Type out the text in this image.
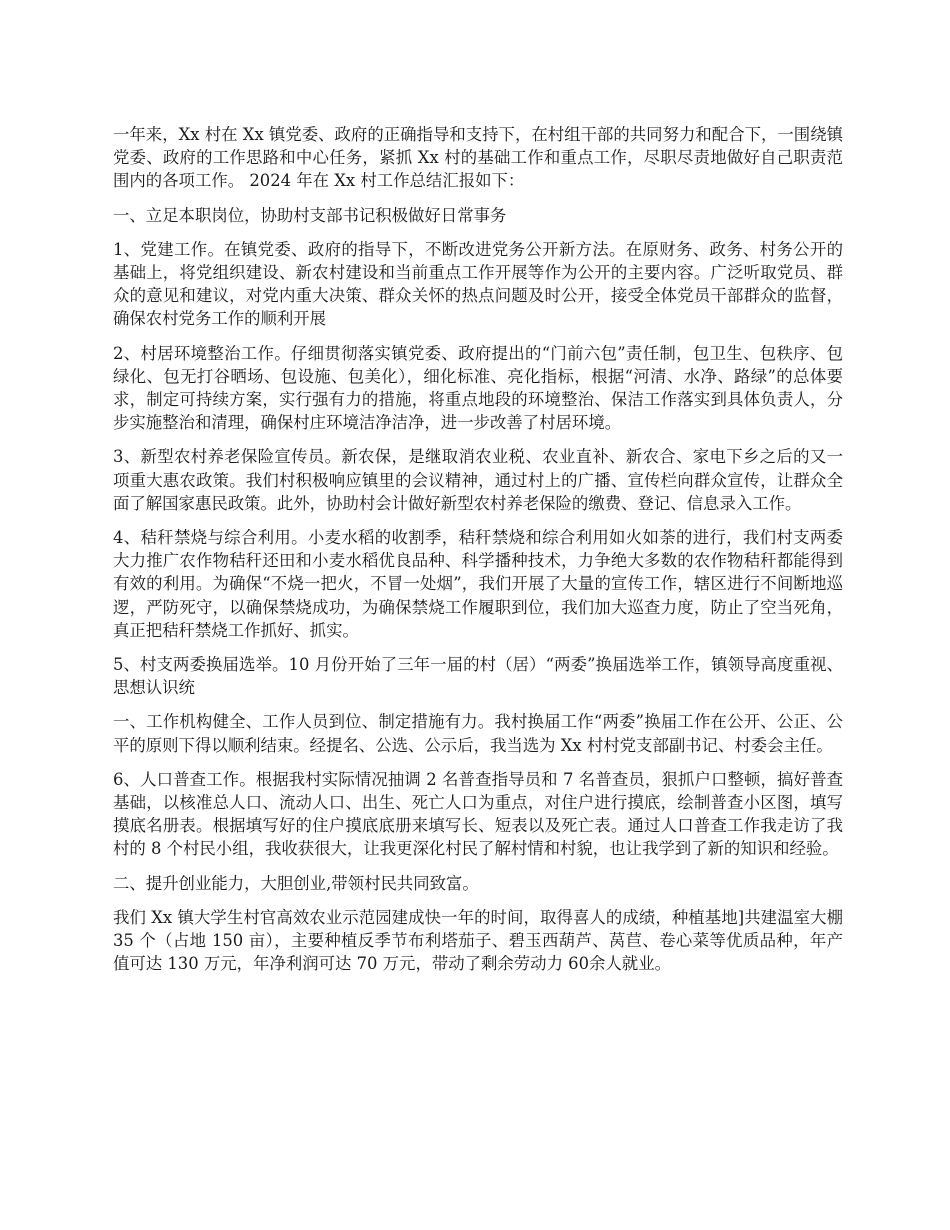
一年来，Xx 村在 Xx 镇党委、政府的正确指导和支持下，在村组干部的共同努力和配合下，一围绕镇党委、政府的工作思路和中心任务，紧抓 Xx 村的基础工作和重点工作，尽职尽责地做好自己职责范围内的各项工作。 2024 年在 Xx 村工作总结汇报如下：

一、立足本职岗位，协助村支部书记积极做好日常事务

1、党建工作。在镇党委、政府的指导下，不断改进党务公开新方法。在原财务、政务、村务公开的基础上，将党组织建设、新农村建设和当前重点工作开展等作为公开的主要内容。广泛听取党员、群众的意见和建议，对党内重大决策、群众关怀的热点问题及时公开，接受全体党员干部群众的监督，确保农村党务工作的顺利开展

2、村居环境整治工作。仔细贯彻落实镇党委、政府提出的“门前六包”责任制，包卫生、包秩序、包绿化、包无打谷晒场、包设施、包美化），细化标准、亮化指标，根据“河清、水净、路绿”的总体要求，制定可持续方案，实行强有力的措施，将重点地段的环境整治、保洁工作落实到具体负责人，分步实施整治和清理，确保村庄环境洁净洁净，进一步改善了村居环境。

3、新型农村养老保险宣传员。新农保，是继取消农业税、农业直补、新农合、家电下乡之后的又一项重大惠农政策。我们村积极响应镇里的会议精神，通过村上的广播、宣传栏向群众宣传，让群众全面了解国家惠民政策。此外，协助村会计做好新型农村养老保险的缴费、登记、信息录入工作。

4、秸秆禁烧与综合利用。小麦水稻的收割季，秸秆禁烧和综合利用如火如荼的进行，我们村支两委大力推广农作物秸秆还田和小麦水稻优良品种、科学播种技术，力争绝大多数的农作物秸秆都能得到有效的利用。为确保“不烧一把火，不冒一处烟”，我们开展了大量的宣传工作，辖区进行不间断地巡逻，严防死守，以确保禁烧成功，为确保禁烧工作履职到位，我们加大巡查力度，防止了空当死角，真正把秸秆禁烧工作抓好、抓实。

5、村支两委换届选举。10 月份开始了三年一届的村（居）“两委”换届选举工作，镇领导高度重视、思想认识统

一、工作机构健全、工作人员到位、制定措施有力。我村换届工作“两委”换届工作在公开、公正、公平的原则下得以顺利结束。经提名、公选、公示后，我当选为 Xx 村村党支部副书记、村委会主任。

6、人口普查工作。根据我村实际情况抽调 2 名普查指导员和 7 名普查员，狠抓户口整顿，搞好普查基础，以核准总人口、流动人口、出生、死亡人口为重点，对住户进行摸底，绘制普查小区图，填写摸底名册表。根据填写好的住户摸底底册来填写长、短表以及死亡表。通过人口普查工作我走访了我村的 8 个村民小组，我收获很大，让我更深化村民了解村情和村貌，也让我学到了新的知识和经验。

二、提升创业能力，大胆创业,带领村民共同致富。

我们 Xx 镇大学生村官高效农业示范园建成快一年的时间，取得喜人的成绩，种植基地]共建温室大棚 35 个（占地 150 亩），主要种植反季节布利塔茄子、碧玉西葫芦、莴苣、卷心菜等优质品种，年产值可达 130 万元，年净利润可达 70 万元，带动了剩余劳动力 60余人就业。
